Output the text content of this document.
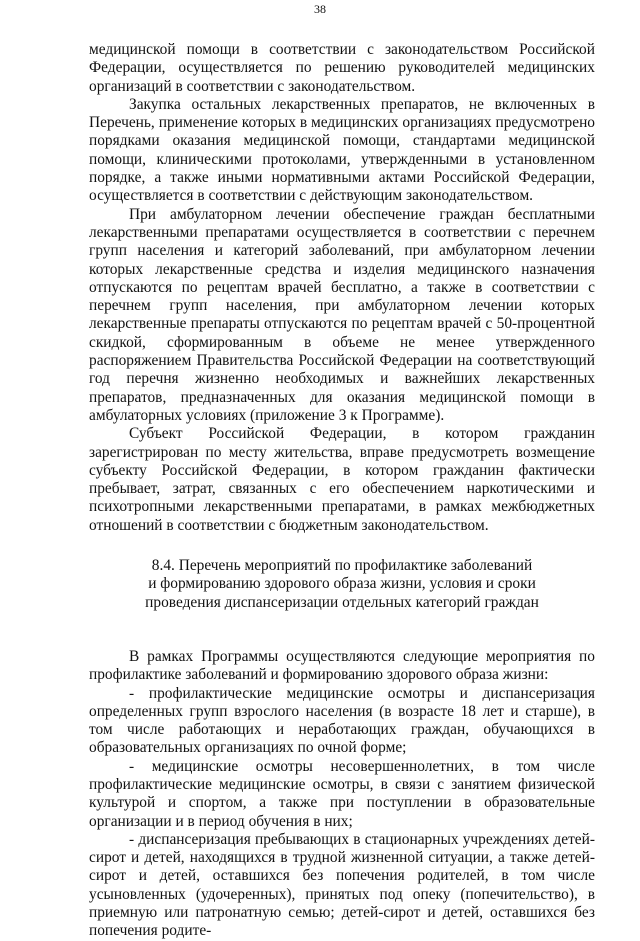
38

медицинской помощи в соответствии с законодательством Российской Федерации, осуществляется по решению руководителей медицинских организаций в соответствии с законодательством.

Закупка остальных лекарственных препаратов, не включенных в Перечень, применение которых в медицинских организациях предусмотрено порядками оказания медицинской помощи, стандартами медицинской помощи, клиническими протоколами, утвержденными в установленном порядке, а также иными нормативными актами Российской Федерации, осуществляется в соответствии с действующим законодательством.

При амбулаторном лечении обеспечение граждан бесплатными лекарственными препаратами осуществляется в соответствии с перечнем групп населения и категорий заболеваний, при амбулаторном лечении которых лекарственные средства и изделия медицинского назначения отпускаются по рецептам врачей бесплатно, а также в соответствии с перечнем групп населения, при амбулаторном лечении которых лекарственные препараты отпускаются по рецептам врачей с 50-процентной скидкой, сформированным в объеме не менее утвержденного распоряжением Правительства Российской Федерации на соответствующий год перечня жизненно необходимых и важнейших лекарственных препаратов, предназначенных для оказания медицинской помощи в амбулаторных условиях (приложение 3 к Программе).

Субъект Российской Федерации, в котором гражданин зарегистрирован по месту жительства, вправе предусмотреть возмещение субъекту Российской Федерации, в котором гражданин фактически пребывает, затрат, связанных с его обеспечением наркотическими и психотропными лекарственными препаратами, в рамках межбюджетных отношений в соответствии с бюджетным законодательством.

8.4. Перечень мероприятий по профилактике заболеваний
и формированию здорового образа жизни, условия и сроки
проведения диспансеризации отдельных категорий граждан

В рамках Программы осуществляются следующие мероприятия по профилактике заболеваний и формированию здорового образа жизни:

- профилактические медицинские осмотры и диспансеризация определенных групп взрослого населения (в возрасте 18 лет и старше), в том числе работающих и неработающих граждан, обучающихся в образовательных организациях по очной форме;

- медицинские осмотры несовершеннолетних, в том числе профилактические медицинские осмотры, в связи с занятием физической культурой и спортом, а также при поступлении в образовательные организации и в период обучения в них;

- диспансеризация пребывающих в стационарных учреждениях детей-сирот и детей, находящихся в трудной жизненной ситуации, а также детей-сирот и детей, оставшихся без попечения родителей, в том числе усыновленных (удочеренных), принятых под опеку (попечительство), в приемную или патронатную семью; детей-сирот и детей, оставшихся без попечения родите-
